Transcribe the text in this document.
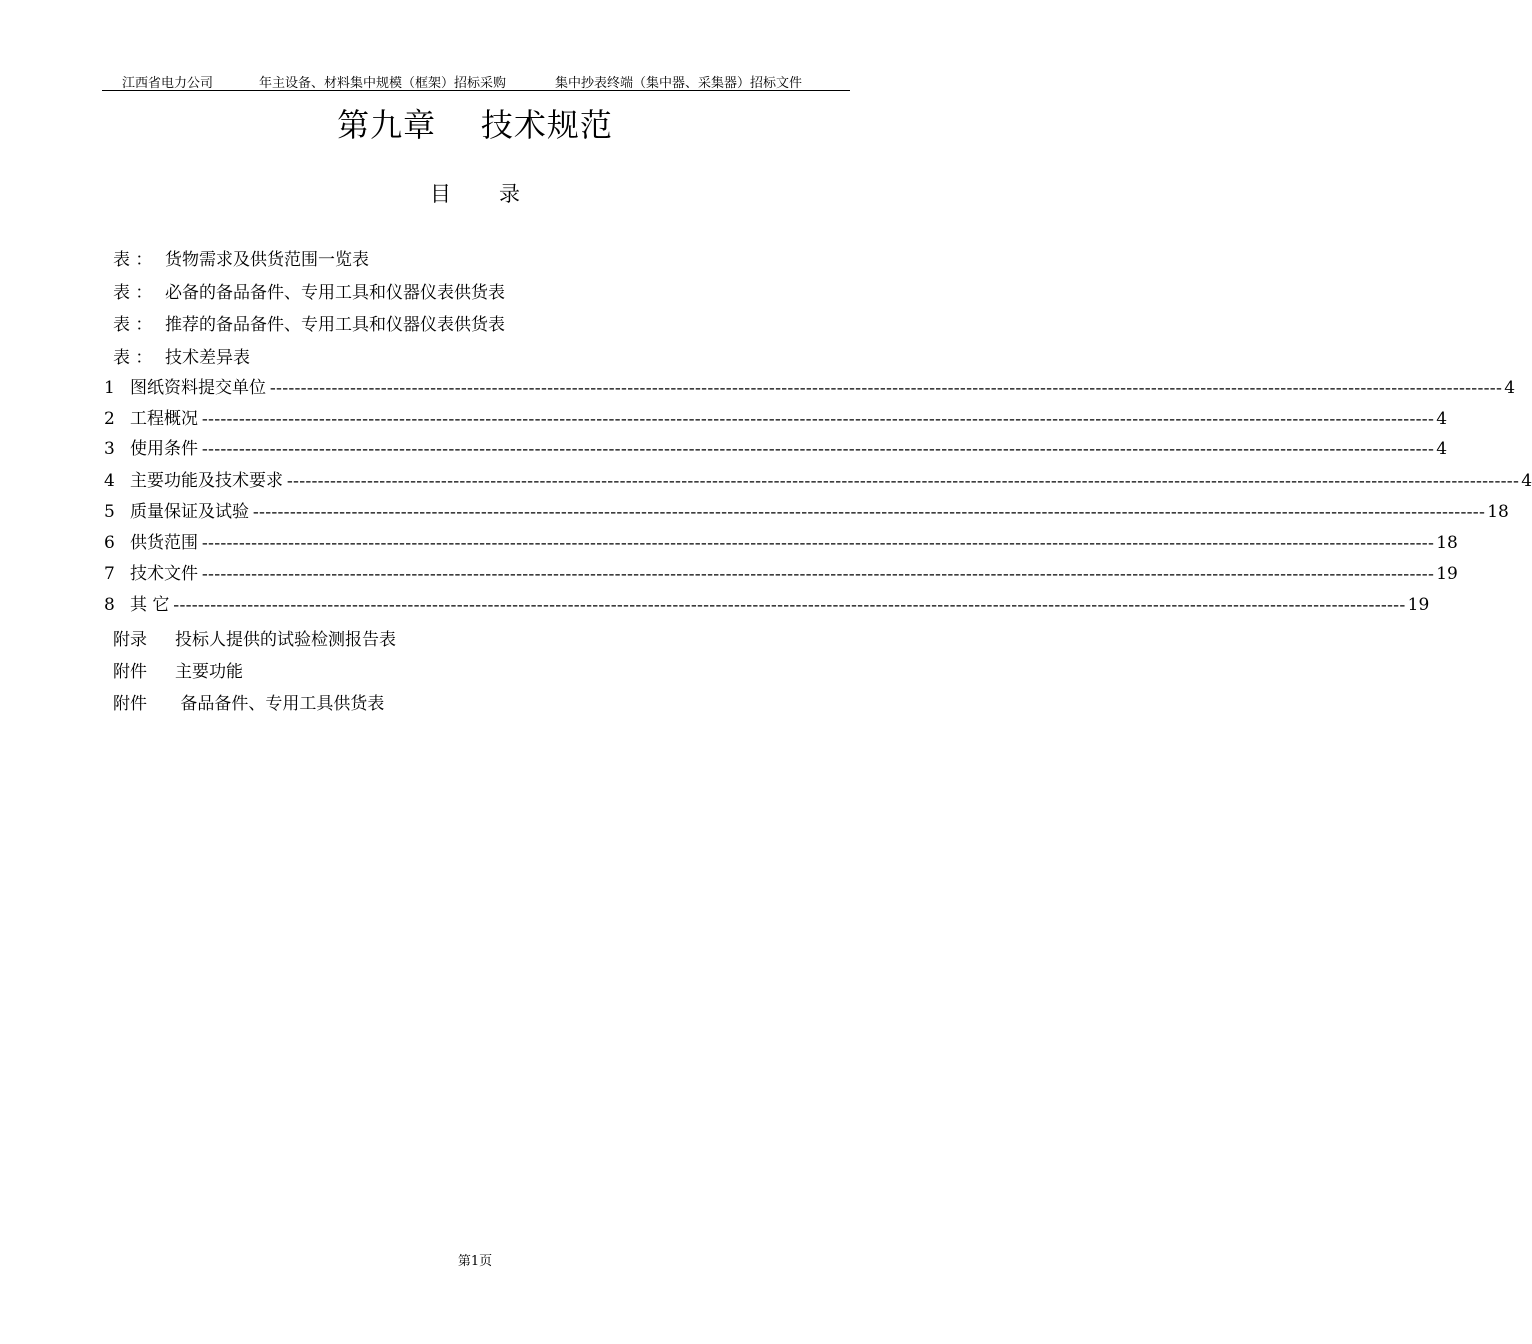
江西省电力公司	年主设备、材料集中规模（框架）招标采购	集中抄表终端（集中器、采集器）招标文件
第九章    技术规范
目录
表 ： 货物需求及供货范围一览表
表 ： 必备的备品备件、专用工具和仪器仪表供货表
表 ： 推荐的备品备件、专用工具和仪器仪表供货表
表 ： 技术差异表
1 图纸资料提交单位 -------------------------------------------------------------------------------------------------------------------------------------------------------------------------------------------------------- 4
2 工程概况 -------------------------------------------------------------------------------------------------------------------------------------------------------------------------------------------------------- 4
3 使用条件 -------------------------------------------------------------------------------------------------------------------------------------------------------------------------------------------------------- 4
4 主要功能及技术要求 -------------------------------------------------------------------------------------------------------------------------------------------------------------------------------------------------------- 4
5 质量保证及试验 -------------------------------------------------------------------------------------------------------------------------------------------------------------------------------------------------------- 18
6 供货范围 -------------------------------------------------------------------------------------------------------------------------------------------------------------------------------------------------------- 18
7 技术文件 -------------------------------------------------------------------------------------------------------------------------------------------------------------------------------------------------------- 19
8 其 它 -------------------------------------------------------------------------------------------------------------------------------------------------------------------------------------------------------- 19
附录 投标人提供的试验检测报告表
附件 主要功能
附件 备品备件、专用工具供货表
第1页
